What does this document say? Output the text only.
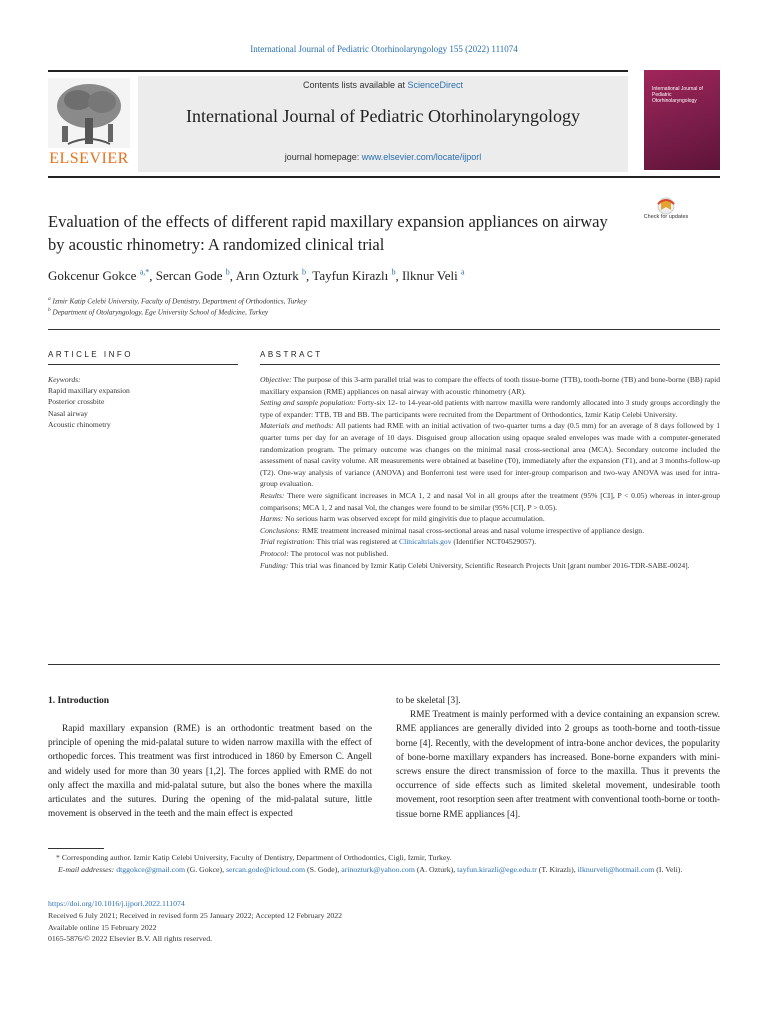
International Journal of Pediatric Otorhinolaryngology 155 (2022) 111074
ELSEVIER
Contents lists available at ScienceDirect
International Journal of Pediatric Otorhinolaryngology
journal homepage: www.elsevier.com/locate/ijporl
International Journal of Pediatric Otorhinolaryngology
Evaluation of the effects of different rapid maxillary expansion appliances on airway by acoustic rhinometry: A randomized clinical trial
Check for updates
Gokcenur Gokce $^{a,*}$, Sercan Gode $^b$, Arın Ozturk $^b$, Tayfun Kirazlı $^b$, Ilknur Veli $^a$
$^a$ Izmir Katip Celebi University, Faculty of Dentistry, Department of Orthodontics, Turkey
$^b$ Department of Otolaryngology, Ege University School of Medicine, Turkey
ARTICLE INFO	ABSTRACT
Keywords:
Rapid maxillary expansion
Posterior crossbite
Nasal airway
Acoustic rhinometry

Objective: The purpose of this 3-arm parallel trial was to compare the effects of tooth tissue-borne (TTB), tooth-borne (TB) and bone-borne (BB) rapid maxillary expansion (RME) appliances on nasal airway with acoustic rhinometry (AR).

Setting and sample population: Forty-six 12- to 14-year-old patients with narrow maxilla were randomly allocated into 3 study groups accordingly the type of expander: TTB, TB and BB. The participants were recruited from the Department of Orthodontics, Izmir Katip Celebi University.

Materials and methods: All patients had RME with an initial activation of two-quarter turns a day (0.5 mm) for an average of 8 days followed by 1 quarter turns per day for an average of 10 days. Disguised group allocation using opaque sealed envelopes was made with a computer-generated randomization program. The primary outcome was changes on the minimal nasal cross-sectional area (MCA). Secondary outcome included the assessment of nasal cavity volume. AR measurements were obtained at baseline (T0), immediately after the expansion (T1), and at 3 months-follow-up (T2). One-way analysis of variance (ANOVA) and Bonferroni test were used for inter-group comparison and two-way ANOVA was used for intra-group evaluation.

Results: There were significant increases in MCA 1, 2 and nasal Vol in all groups after the treatment (95% [CI], P < 0.05) whereas in inter-group comparisons; MCA 1, 2 and nasal Vol, the changes were found to be similar (95% [CI], P > 0.05).

Harms: No serious harm was observed except for mild gingivitis due to plaque accumulation.

Conclusions: RME treatment increased minimal nasal cross-sectional areas and nasal volume irrespective of appliance design.

Trial registration: This trial was registered at Clinicaltrials.gov (Identifier NCT04529057).

Protocol: The protocol was not published.

Funding: This trial was financed by Izmir Katip Celebi University, Scientific Research Projects Unit [grant number 2016-TDR-SABE-0024].

1. Introduction

Rapid maxillary expansion (RME) is an orthodontic treatment based on the principle of opening the mid-palatal suture to widen narrow maxilla with the effect of orthopedic forces. This treatment was first introduced in 1860 by Emerson C. Angell and widely used for more than 30 years [1,2]. The forces applied with RME do not only affect the maxilla and mid-palatal suture, but also the bones where the maxilla articulates and the sutures. During the opening of the mid-palatal suture, little movement is observed in the teeth and the main effect is expected

to be skeletal [3].

RME Treatment is mainly performed with a device containing an expansion screw. RME appliances are generally divided into 2 groups as tooth-borne and tooth-tissue borne [4]. Recently, with the development of intra-bone anchor devices, the popularity of bone-borne maxillary expanders has increased. Bone-borne expanders with mini-screws ensure the direct transmission of force to the maxilla. Thus it prevents the occurrence of side effects such as limited skeletal movement, undesirable tooth movement, root resorption seen after treatment with conventional tooth-borne or tooth-tissue borne RME appliances [4].

* Corresponding author. Izmir Katip Celebi University, Faculty of Dentistry, Department of Orthodontics, Cigli, Izmir, Turkey.

E-mail addresses: dtggokce@gmail.com (G. Gokce), sercan.gode@icloud.com (S. Gode), arinozturk@yahoo.com (A. Ozturk), tayfun.kirazli@ege.edu.tr (T. Kirazlı), ilknurveli@hotmail.com (I. Veli).

https://doi.org/10.1016/j.ijporl.2022.111074

Received 6 July 2021; Received in revised form 25 January 2022; Accepted 12 February 2022

Available online 15 February 2022

0165-5876/© 2022 Elsevier B.V. All rights reserved.
